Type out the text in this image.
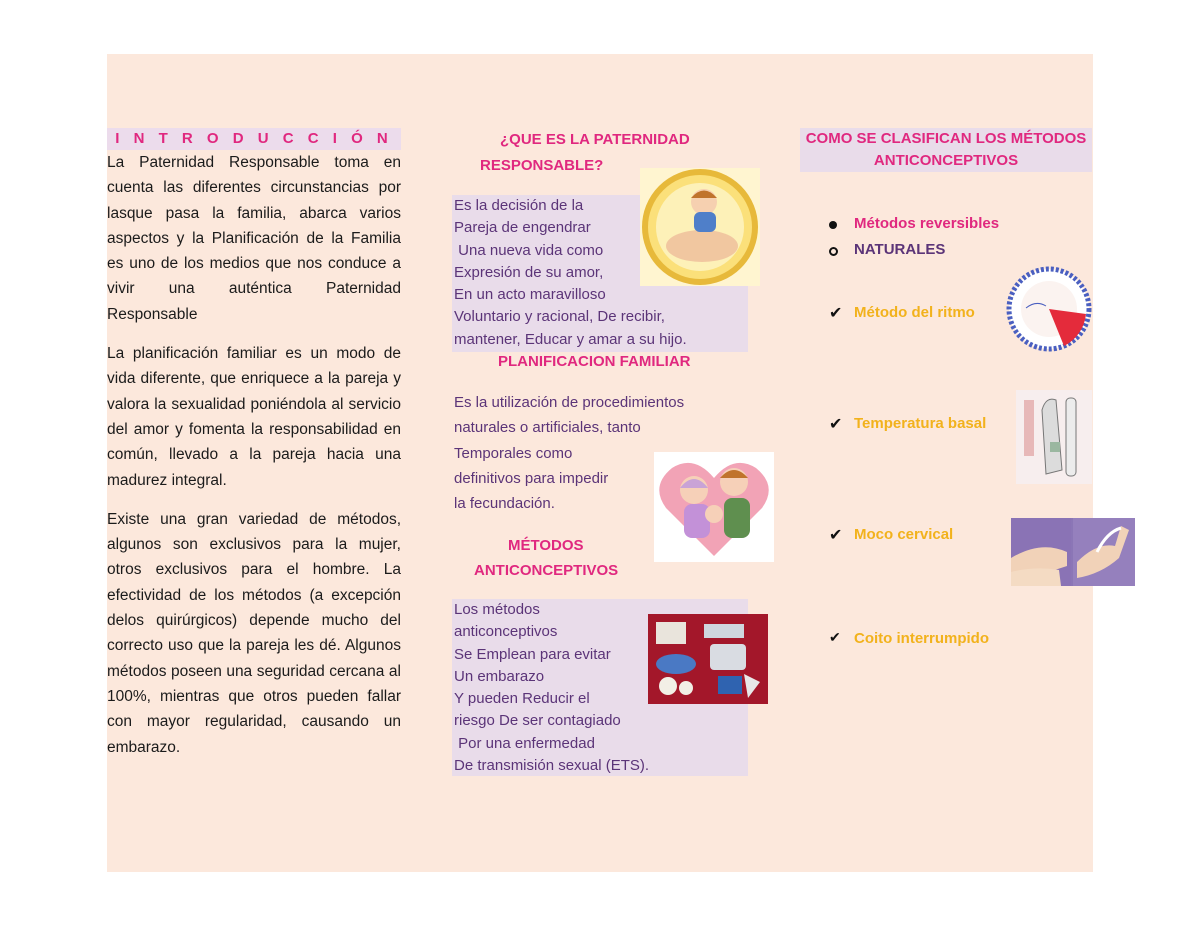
I N T R O D U C C I Ó N

La Paternidad Responsable toma en cuenta las diferentes circunstancias por lasque pasa la familia, abarca varios aspectos y la Planificación de la Familia es uno de los medios que nos conduce a vivir una auténtica Paternidad Responsable

La planificación familiar es un modo de vida diferente, que enriquece a la pareja y valora la sexualidad poniéndola al servicio del amor y fomenta la responsabilidad en común, llevado a la pareja hacia una madurez integral.

Existe una gran variedad de métodos, algunos son exclusivos para la mujer, otros exclusivos para el hombre. La efectividad de los métodos (a excepción delos quirúrgicos) depende mucho del correcto uso que la pareja les dé. Algunos métodos poseen una seguridad cercana al 100%, mientras que otros pueden fallar con mayor regularidad, causando un embarazo.

¿QUE ES LA PATERNIDAD
RESPONSABLE?
Es la decisión de la
Pareja de engendrar
Una nueva vida como
Expresión de su amor,
En un acto maravilloso
Voluntario y racional, De recibir,
mantener, Educar y amar a su hijo.
PLANIFICACION FAMILIAR
Es la utilización de procedimientos
naturales o artificiales, tanto
Temporales como
definitivos para impedir
la fecundación.
MÉTODOS
ANTICONCEPTIVOS
Los métodos
anticonceptivos
Se Emplean para evitar
Un embarazo
Y pueden Reducir el
riesgo De ser contagiado
Por una enfermedad
De transmisión sexual (ETS).
COMO SE CLASIFICAN LOS MÉTODOS
ANTICONCEPTIVOS
Métodos reversibles
NATURALES
✔ Método del ritmo
✔ Temperatura basal
✔ Moco cervical
✔ Coito interrumpido
